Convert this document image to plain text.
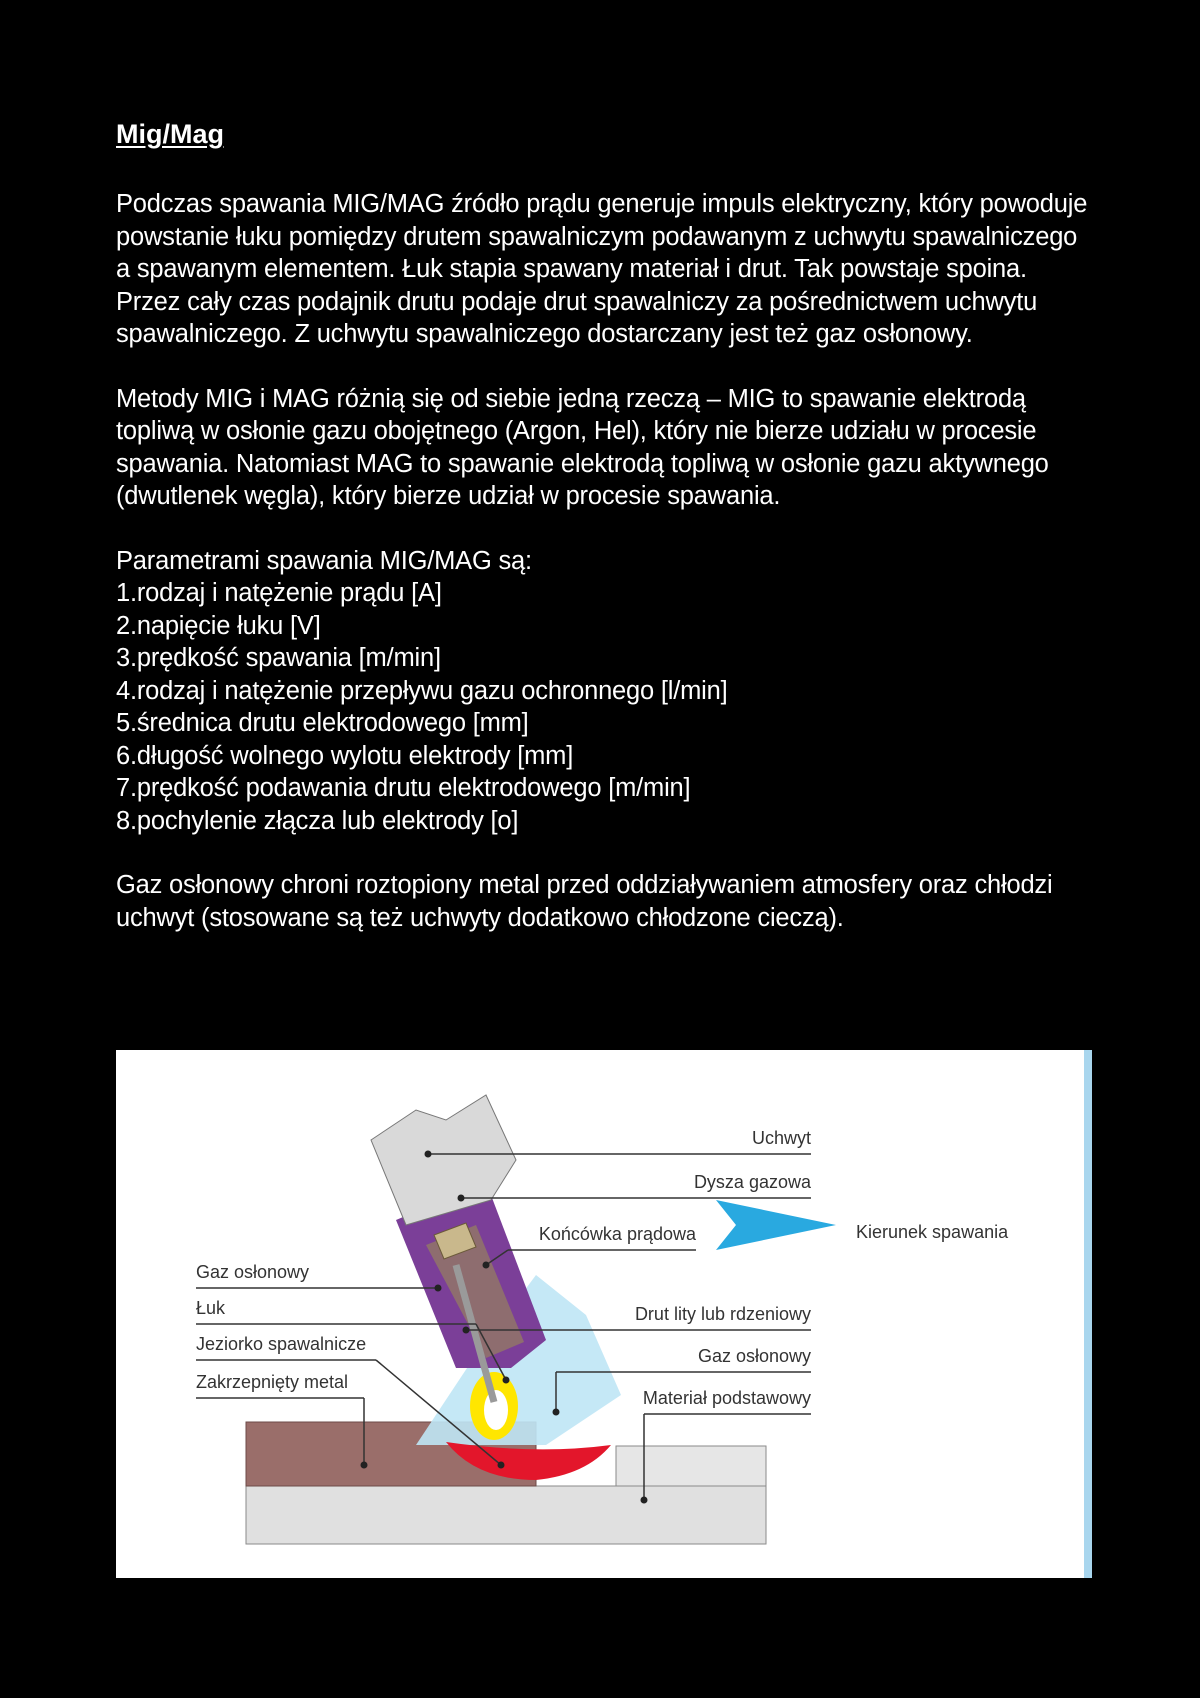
Mig/Mag

Podczas spawania MIG/MAG źródło prądu generuje impuls elektryczny, który powoduje powstanie łuku pomiędzy drutem spawalniczym podawanym z uchwytu spawalniczego a spawanym elementem. Łuk stapia spawany materiał i drut. Tak powstaje spoina. Przez cały czas podajnik drutu podaje drut spawalniczy za pośrednictwem uchwytu spawalniczego. Z uchwytu spawalniczego dostarczany jest też gaz osłonowy.

Metody MIG i MAG różnią się od siebie jedną rzeczą – MIG to spawanie elektrodą topliwą w osłonie gazu obojętnego (Argon, Hel), który nie bierze udziału w procesie spawania. Natomiast MAG to spawanie elektrodą topliwą w osłonie gazu aktywnego (dwutlenek węgla), który bierze udział w procesie spawania.

Parametrami spawania MIG/MAG są:
1.rodzaj i natężenie prądu [A]
2.napięcie łuku [V]
3.prędkość spawania [m/min]
4.rodzaj i natężenie przepływu gazu ochronnego [l/min]
5.średnica drutu elektrodowego [mm]
6.długość wolnego wylotu elektrody [mm]
7.prędkość podawania drutu elektrodowego [m/min]
8.pochylenie złącza lub elektrody [o]

Gaz osłonowy chroni roztopiony metal przed oddziaływaniem atmosfery oraz chłodzi uchwyt (stosowane są też uchwyty dodatkowo chłodzone cieczą).

Uchwyt
Dysza gazowa
Końcówka prądowa	Kierunek spawania
Gaz osłonowy
Łuk
Jeziorko spawalnicze
Zakrzepnięty metal
Drut lity lub rdzeniowy
Gaz osłonowy
Materiał podstawowy
